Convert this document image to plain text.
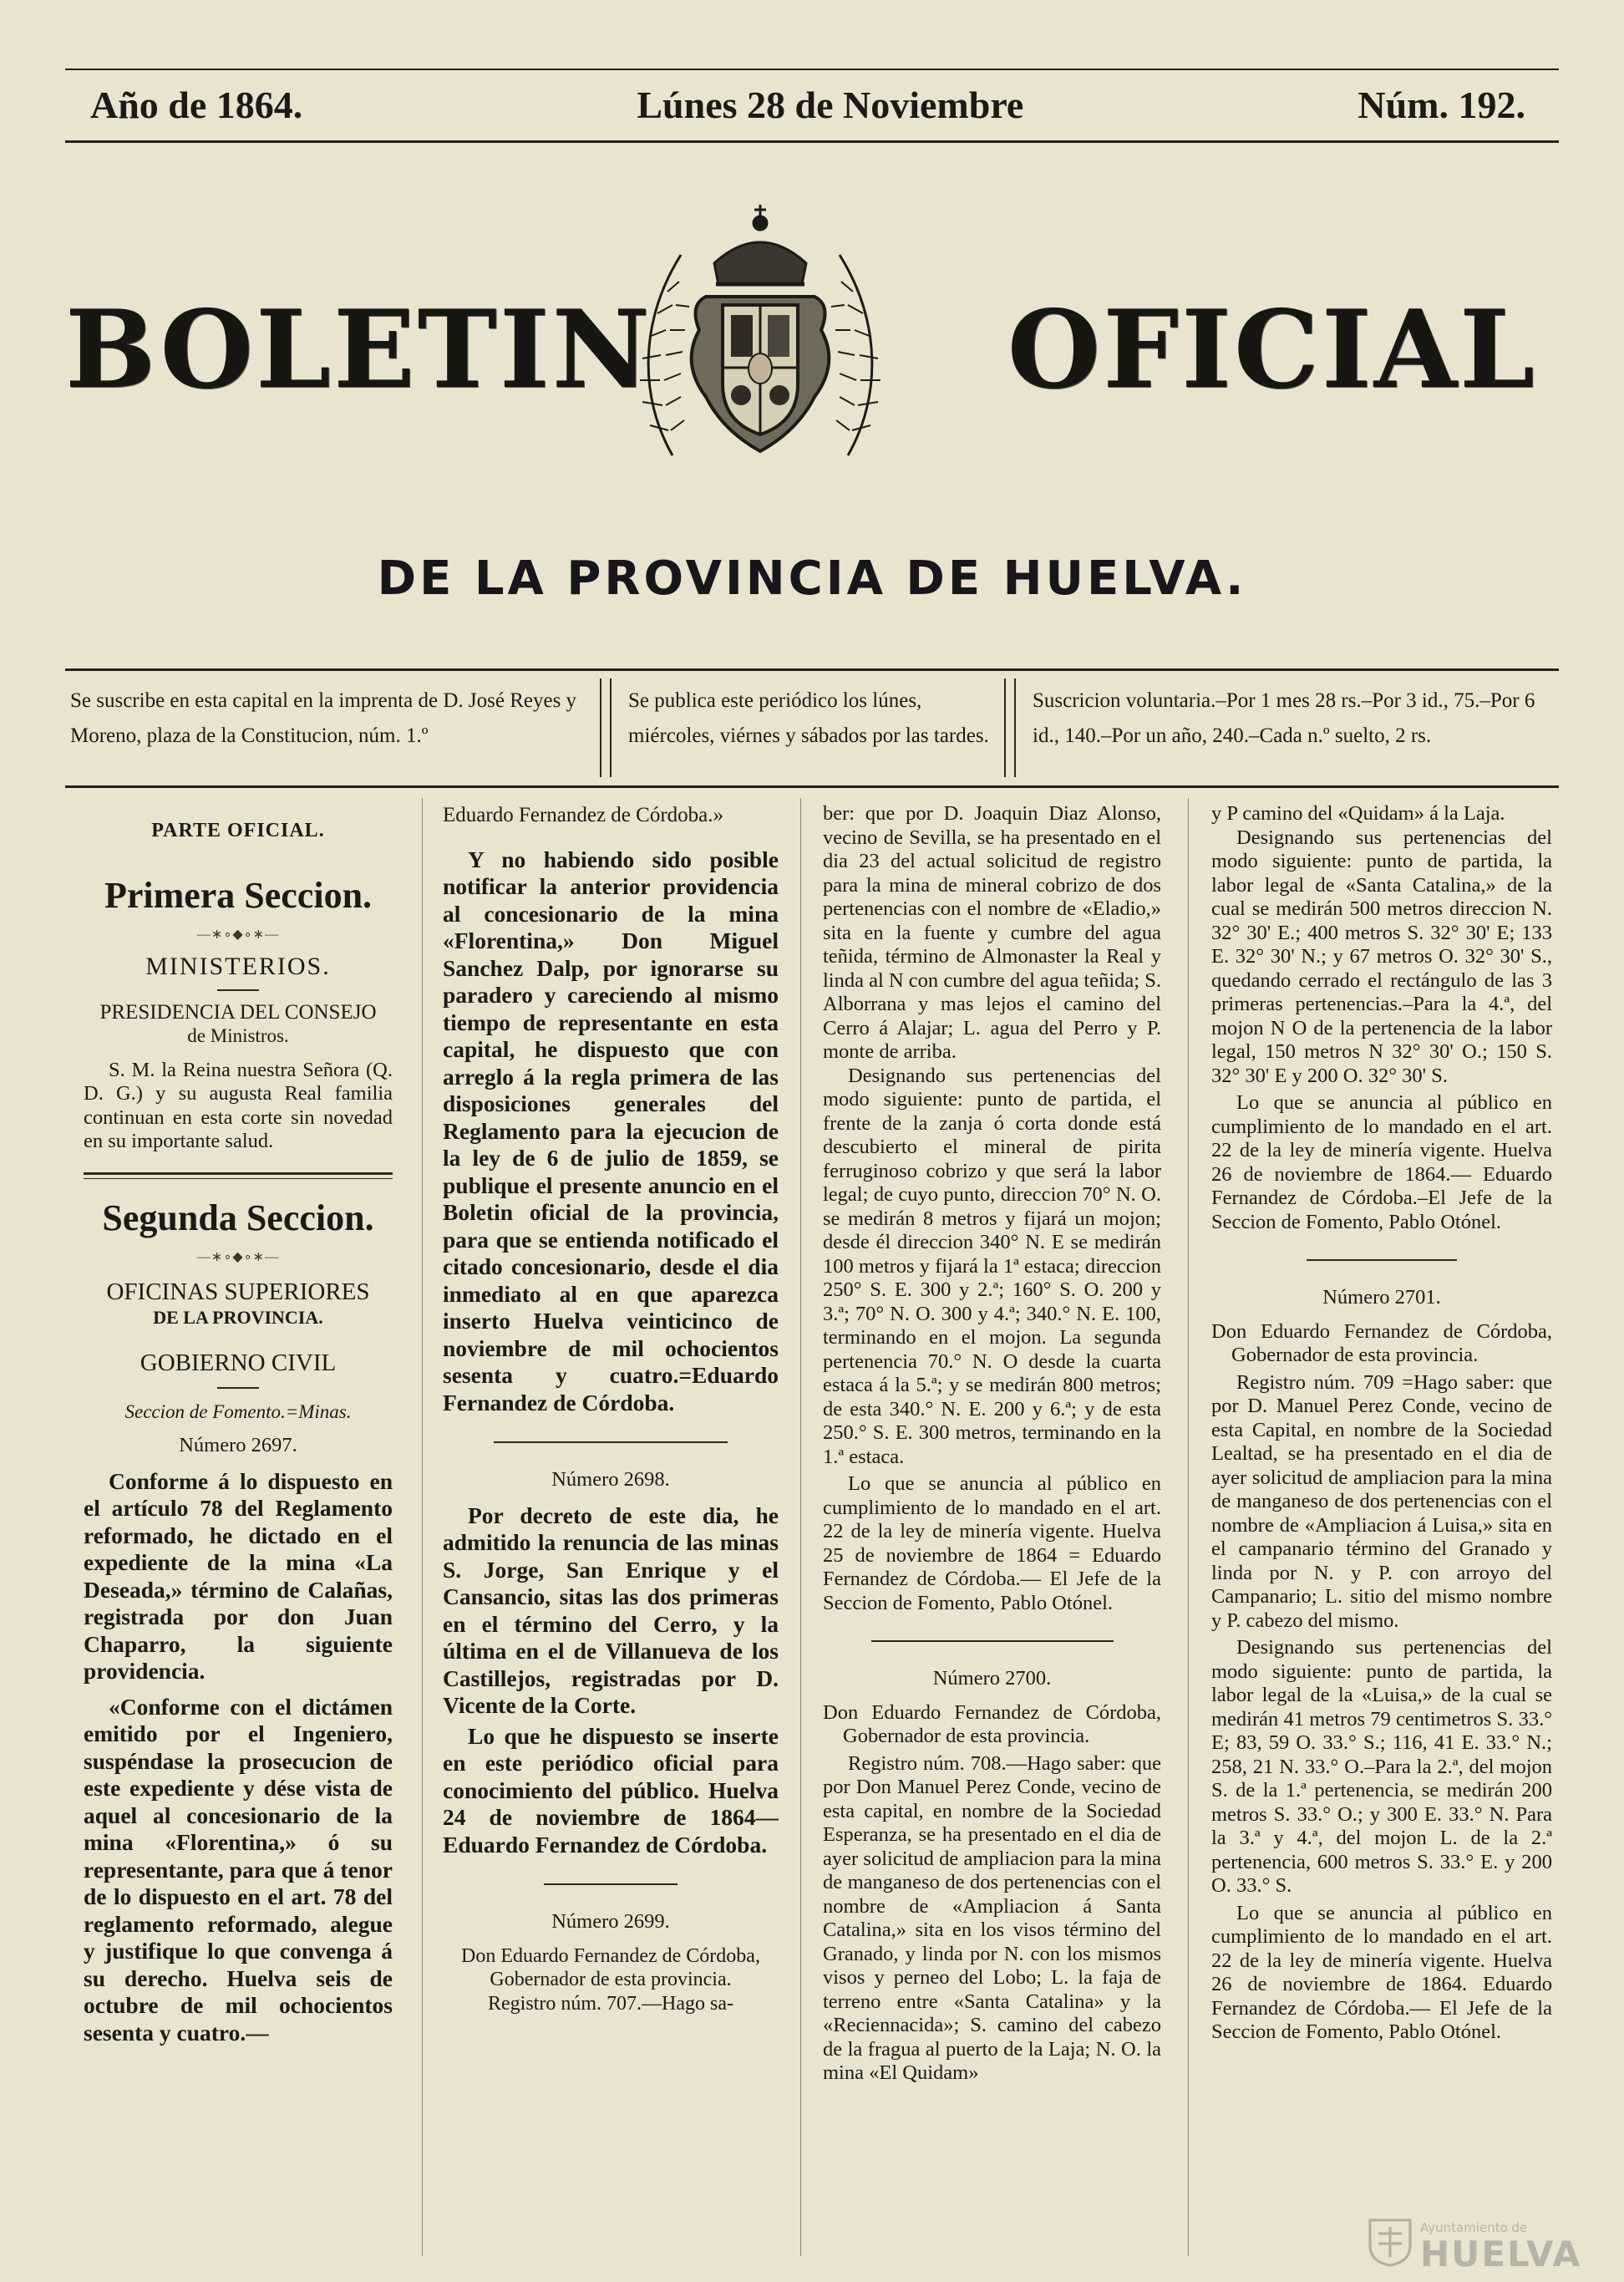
Año de 1864.	Lúnes 28 de Noviembre	Núm. 192.
BOLETIN	OFICIAL
DE LA PROVINCIA DE HUELVA.
Se suscribe en esta capital en la imprenta de D. José Reyes y Moreno, plaza de la Constitucion, núm. 1.º
Se publica este periódico los lúnes, miércoles, viérnes y sábados por las tardes.
Suscricion voluntaria.–Por 1 mes 28 rs.–Por 3 id., 75.–Por 6 id., 140.–Por un año, 240.–Cada n.º suelto, 2 rs.
PARTE OFICIAL.
Primera Seccion.
—∗∘◆∘∗—
MINISTERIOS.
PRESIDENCIA DEL CONSEJO
de Ministros.

S. M. la Reina nuestra Señora (Q. D. G.) y su augusta Real familia continuan en esta corte sin novedad en su importante salud.

Segunda Seccion.
—∗∘◆∘∗—
OFICINAS SUPERIORES
DE LA PROVINCIA.
GOBIERNO CIVIL
Seccion de Fomento.=Minas.
Número 2697.

Conforme á lo dispuesto en el artículo 78 del Reglamento reformado, he dictado en el expediente de la mina «La Deseada,» término de Calañas, registrada por don Juan Chaparro, la siguiente providencia.

«Conforme con el dictámen emitido por el Ingeniero, suspéndase la prosecucion de este expediente y dése vista de aquel al concesionario de la mina «Florentina,» ó su representante, para que á tenor de lo dispuesto en el art. 78 del reglamento reformado, alegue y justifique lo que convenga á su derecho. Huelva seis de octubre de mil ochocientos sesenta y cuatro.—

Eduardo Fernandez de Córdoba.»

Y no habiendo sido posible notificar la anterior providencia al concesionario de la mina «Florentina,» Don Miguel Sanchez Dalp, por ignorarse su paradero y careciendo al mismo tiempo de representante en esta capital, he dispuesto que con arreglo á la regla primera de las disposiciones generales del Reglamento para la ejecucion de la ley de 6 de julio de 1859, se publique el presente anuncio en el Boletin oficial de la provincia, para que se entienda notificado el citado concesionario, desde el dia inmediato al en que aparezca inserto Huelva veinticinco de noviembre de mil ochocientos sesenta y cuatro.=Eduardo Fernandez de Córdoba.

Número 2698.

Por decreto de este dia, he admitido la renuncia de las minas S. Jorge, San Enrique y el Cansancio, sitas las dos primeras en el término del Cerro, y la última en el de Villanueva de los Castillejos, registradas por D. Vicente de la Corte.

Lo que he dispuesto se inserte en este periódico oficial para conocimiento del público. Huelva 24 de noviembre de 1864—Eduardo Fernandez de Córdoba.

Número 2699.
Don Eduardo Fernandez de Córdoba,
Gobernador de esta provincia.
Registro núm. 707.—Hago sa-
ber: que por D. Joaquin Diaz Alonso, vecino de Sevilla, se ha presentado en el dia 23 del actual solicitud de registro para la mina de mineral cobrizo de dos pertenencias con el nombre de «Eladio,» sita en la fuente y cumbre del agua teñida, término de Almonaster la Real y linda al N con cumbre del agua teñida; S. Alborrana y mas lejos el camino del Cerro á Alajar; L. agua del Perro y P. monte de arriba.

Designando sus pertenencias del modo siguiente: punto de partida, el frente de la zanja ó corta donde está descubierto el mineral de pirita ferruginoso cobrizo y que será la labor legal; de cuyo punto, direccion 70° N. O. se medirán 8 metros y fijará un mojon; desde él direccion 340° N. E se medirán 100 metros y fijará la 1ª estaca; direccion 250° S. E. 300 y 2.ª; 160° S. O. 200 y 3.ª; 70° N. O. 300 y 4.ª; 340.° N. E. 100, terminando en el mojon. La segunda pertenencia 70.° N. O desde la cuarta estaca á la 5.ª; y se medirán 800 metros; de esta 340.° N. E. 200 y 6.ª; y de esta 250.° S. E. 300 metros, terminando en la 1.ª estaca.

Lo que se anuncia al público en cumplimiento de lo mandado en el art. 22 de la ley de minería vigente. Huelva 25 de noviembre de 1864 = Eduardo Fernandez de Córdoba.— El Jefe de la Seccion de Fomento, Pablo Otónel.

Número 2700.

Don Eduardo Fernandez de Córdoba, Gobernador de esta provincia.

Registro núm. 708.—Hago saber: que por Don Manuel Perez Conde, vecino de esta capital, en nombre de la Sociedad Esperanza, se ha presentado en el dia de ayer solicitud de ampliacion para la mina de manganeso de dos pertenencias con el nombre de «Ampliacion á Santa Catalina,» sita en los visos término del Granado, y linda por N. con los mismos visos y perneo del Lobo; L. la faja de terreno entre «Santa Catalina» y la «Reciennacida»; S. camino del cabezo de la fragua al puerto de la Laja; N. O. la mina «El Quidam»

y P camino del «Quidam» á la Laja.

Designando sus pertenencias del modo siguiente: punto de partida, la labor legal de «Santa Catalina,» de la cual se medirán 500 metros direccion N. 32° 30' E.; 400 metros S. 32° 30' E; 133 E. 32° 30' N.; y 67 metros O. 32° 30' S., quedando cerrado el rectángulo de las 3 primeras pertenencias.–Para la 4.ª, del mojon N O de la pertenencia de la labor legal, 150 metros N 32° 30' O.; 150 S. 32° 30' E y 200 O. 32° 30' S.

Lo que se anuncia al público en cumplimiento de lo mandado en el art. 22 de la ley de minería vigente. Huelva 26 de noviembre de 1864.— Eduardo Fernandez de Córdoba.–El Jefe de la Seccion de Fomento, Pablo Otónel.

Número 2701.

Don Eduardo Fernandez de Córdoba, Gobernador de esta provincia.

Registro núm. 709 =Hago saber: que por D. Manuel Perez Conde, vecino de esta Capital, en nombre de la Sociedad Lealtad, se ha presentado en el dia de ayer solicitud de ampliacion para la mina de manganeso de dos pertenencias con el nombre de «Ampliacion á Luisa,» sita en el campanario término del Granado y linda por N. y P. con arroyo del Campanario; L. sitio del mismo nombre y P. cabezo del mismo.

Designando sus pertenencias del modo siguiente: punto de partida, la labor legal de la «Luisa,» de la cual se medirán 41 metros 79 centimetros S. 33.° E; 83, 59 O. 33.° S.; 116, 41 E. 33.° N.; 258, 21 N. 33.° O.–Para la 2.ª, del mojon S. de la 1.ª pertenencia, se medirán 200 metros S. 33.° O.; y 300 E. 33.° N. Para la 3.ª y 4.ª, del mojon L. de la 2.ª pertenencia, 600 metros S. 33.° E. y 200 O. 33.° S.

Lo que se anuncia al público en cumplimiento de lo mandado en el art. 22 de la ley de minería vigente. Huelva 26 de noviembre de 1864. Eduardo Fernandez de Córdoba.— El Jefe de la Seccion de Fomento, Pablo Otónel.

Ayuntamiento de
HUELVA
